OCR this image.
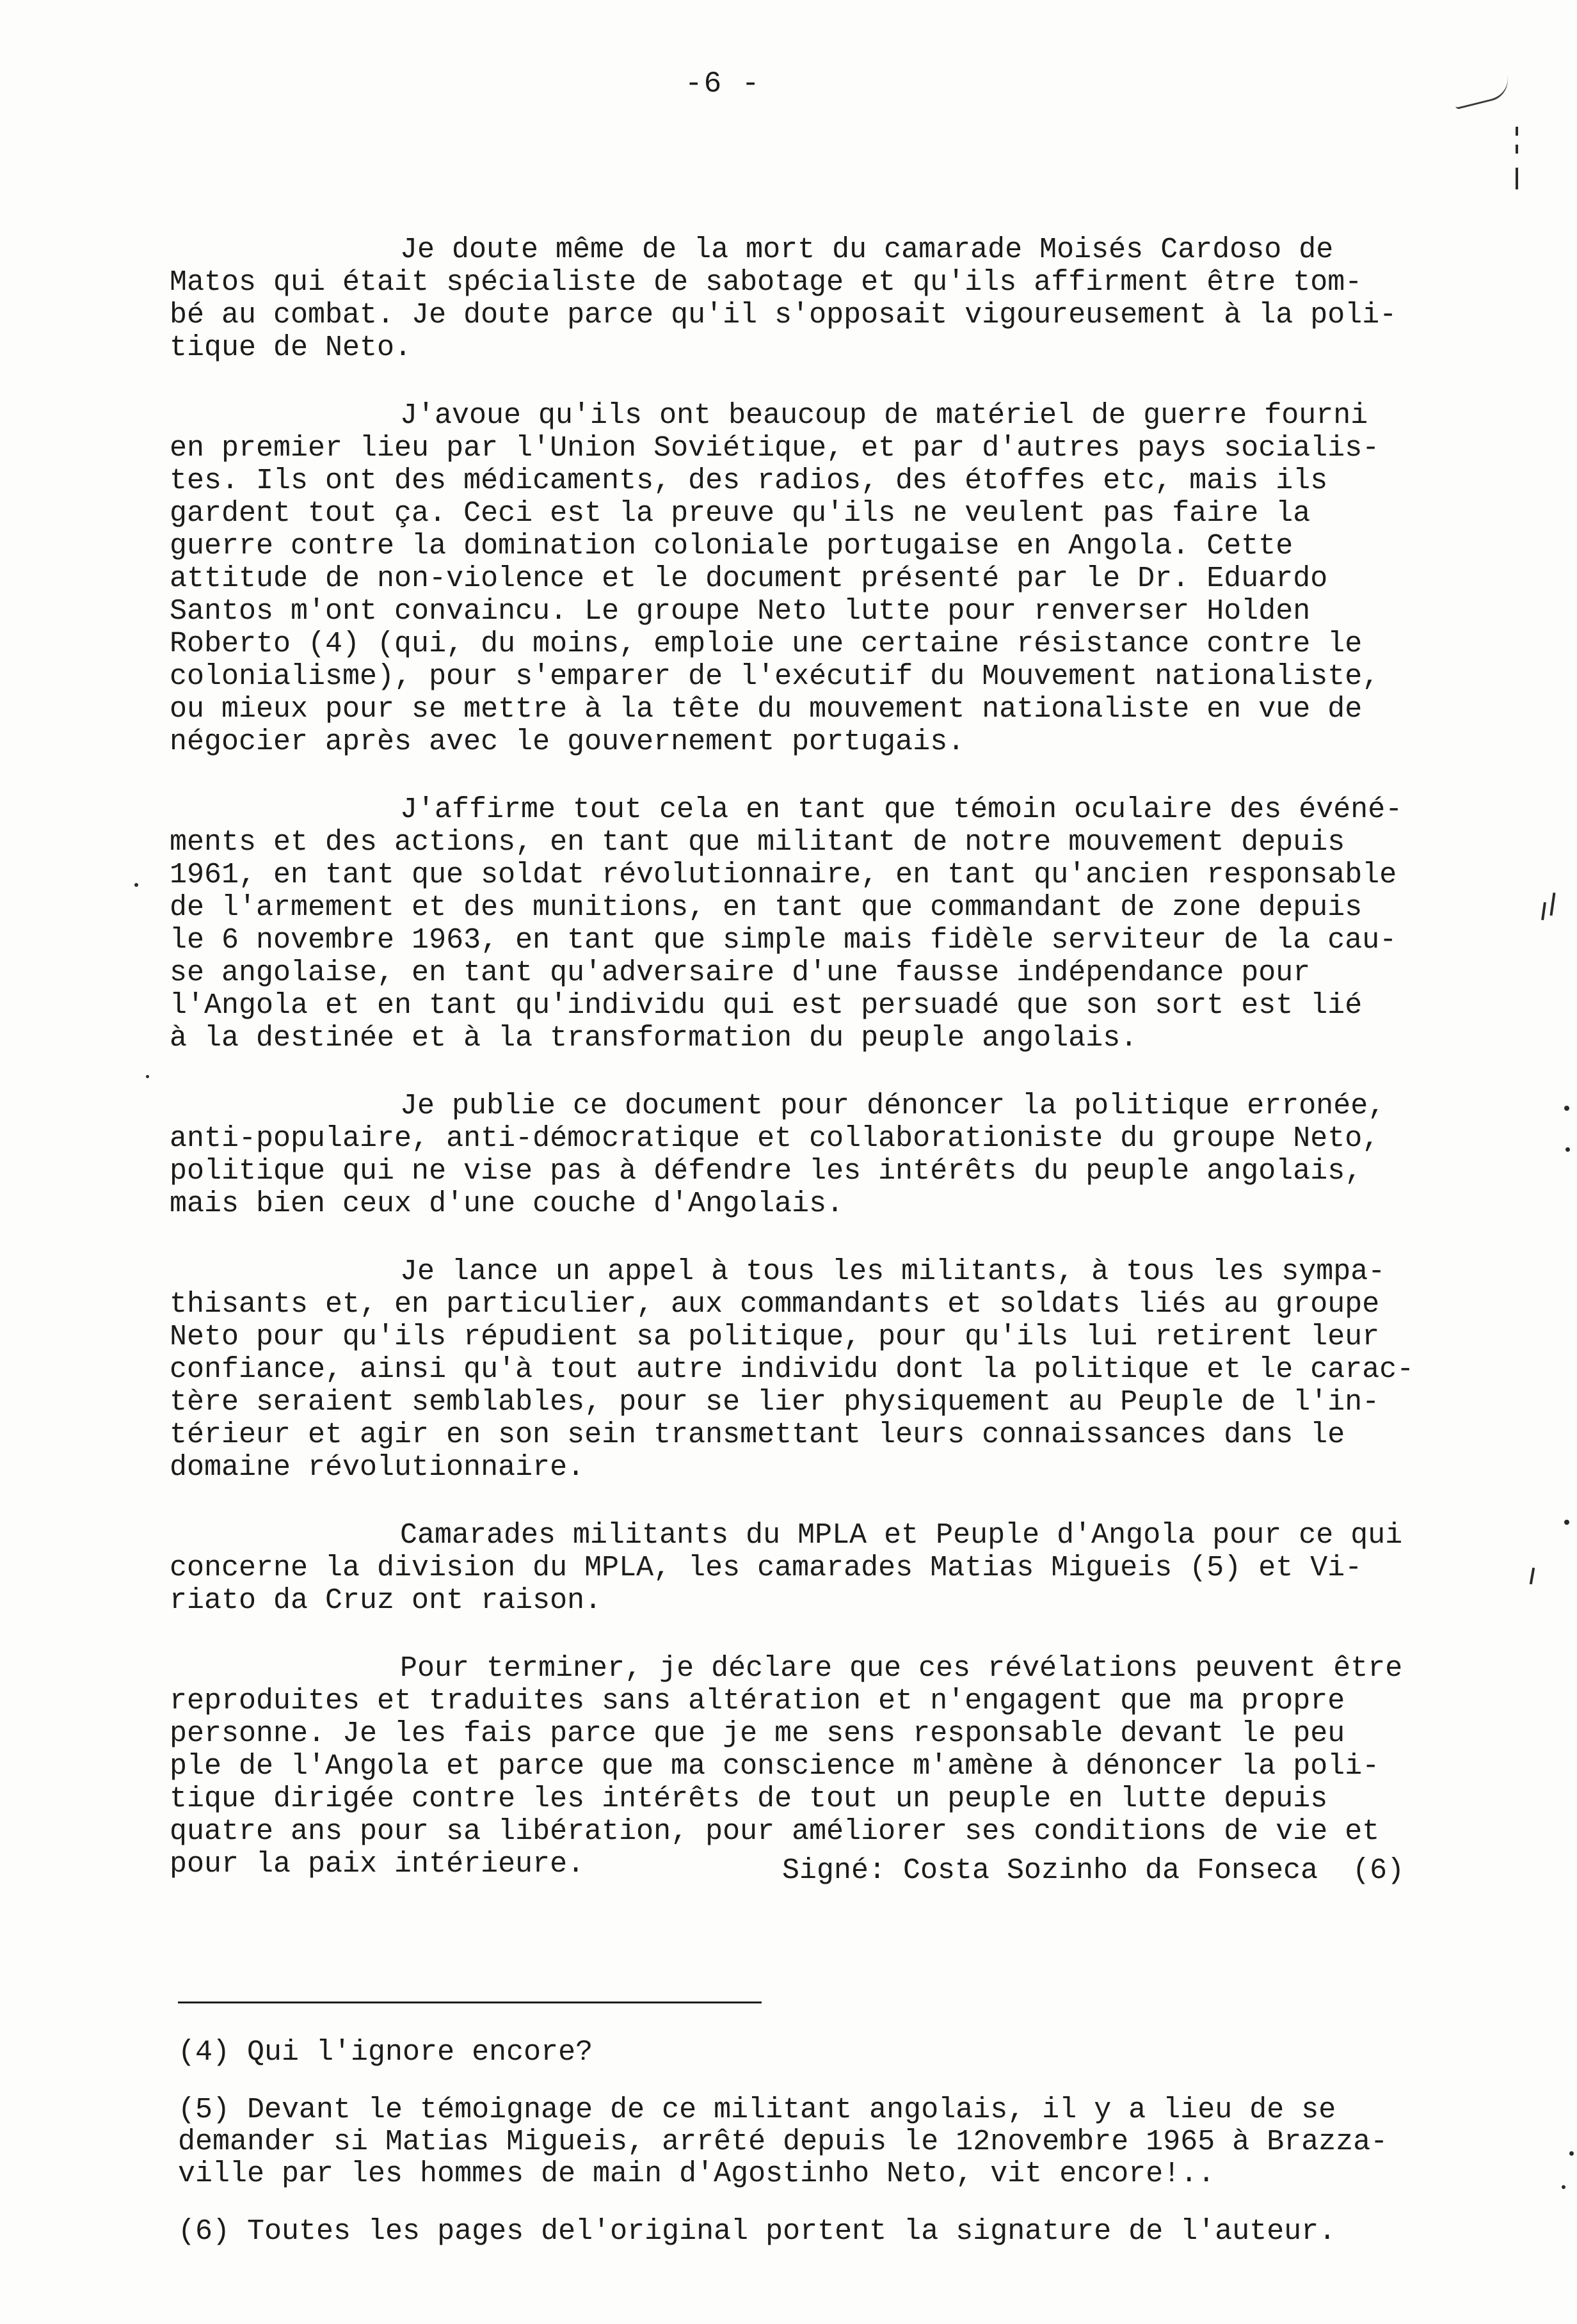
-6 -
Je doute même de la mort du camarade Moisés Cardoso de
Matos qui était spécialiste de sabotage et qu'ils affirment être tom-
bé au combat. Je doute parce qu'il s'opposait vigoureusement à la poli-
tique de Neto.
J'avoue qu'ils ont beaucoup de matériel de guerre fourni
en premier lieu par l'Union Soviétique, et par d'autres pays socialis-
tes. Ils ont des médicaments, des radios, des étoffes etc, mais ils
gardent tout ça. Ceci est la preuve qu'ils ne veulent pas faire la
guerre contre la domination coloniale portugaise en Angola. Cette
attitude de non-violence et le document présenté par le Dr. Eduardo
Santos m'ont convaincu. Le groupe Neto lutte pour renverser Holden
Roberto (4) (qui, du moins, emploie une certaine résistance contre le
colonialisme), pour s'emparer de l'exécutif du Mouvement nationaliste,
ou mieux pour se mettre à la tête du mouvement nationaliste en vue de
négocier après avec le gouvernement portugais.
J'affirme tout cela en tant que témoin oculaire des événé-
ments et des actions, en tant que militant de notre mouvement depuis
1961, en tant que soldat révolutionnaire, en tant qu'ancien responsable
de l'armement et des munitions, en tant que commandant de zone depuis
le 6 novembre 1963, en tant que simple mais fidèle serviteur de la cau-
se angolaise, en tant qu'adversaire d'une fausse indépendance pour
l'Angola et en tant qu'individu qui est persuadé que son sort est lié
à la destinée et à la transformation du peuple angolais.
Je publie ce document pour dénoncer la politique erronée,
anti-populaire, anti-démocratique et collaborationiste du groupe Neto,
politique qui ne vise pas à défendre les intérêts du peuple angolais,
mais bien ceux d'une couche d'Angolais.
Je lance un appel à tous les militants, à tous les sympa-
thisants et, en particulier, aux commandants et soldats liés au groupe
Neto pour qu'ils répudient sa politique, pour qu'ils lui retirent leur
confiance, ainsi qu'à tout autre individu dont la politique et le carac-
tère seraient semblables, pour se lier physiquement au Peuple de l'in-
térieur et agir en son sein transmettant leurs connaissances dans le
domaine révolutionnaire.
Camarades militants du MPLA et Peuple d'Angola pour ce qui
concerne la division du MPLA, les camarades Matias Migueis (5) et Vi-
riato da Cruz ont raison.
Pour terminer, je déclare que ces révélations peuvent être
reproduites et traduites sans altération et n'engagent que ma propre
personne. Je les fais parce que je me sens responsable devant le peu
ple de l'Angola et parce que ma conscience m'amène à dénoncer la poli-
tique dirigée contre les intérêts de tout un peuple en lutte depuis
quatre ans pour sa libération, pour améliorer ses conditions de vie et
pour la paix intérieure.	Signé: Costa Sozinho da Fonseca  (6)
(4) Qui l'ignore encore?
(5) Devant le témoignage de ce militant angolais, il y a lieu de se
demander si Matias Migueis, arrêté depuis le 12novembre 1965 à Brazza-
ville par les hommes de main d'Agostinho Neto, vit encore!..
(6) Toutes les pages del'original portent la signature de l'auteur.
